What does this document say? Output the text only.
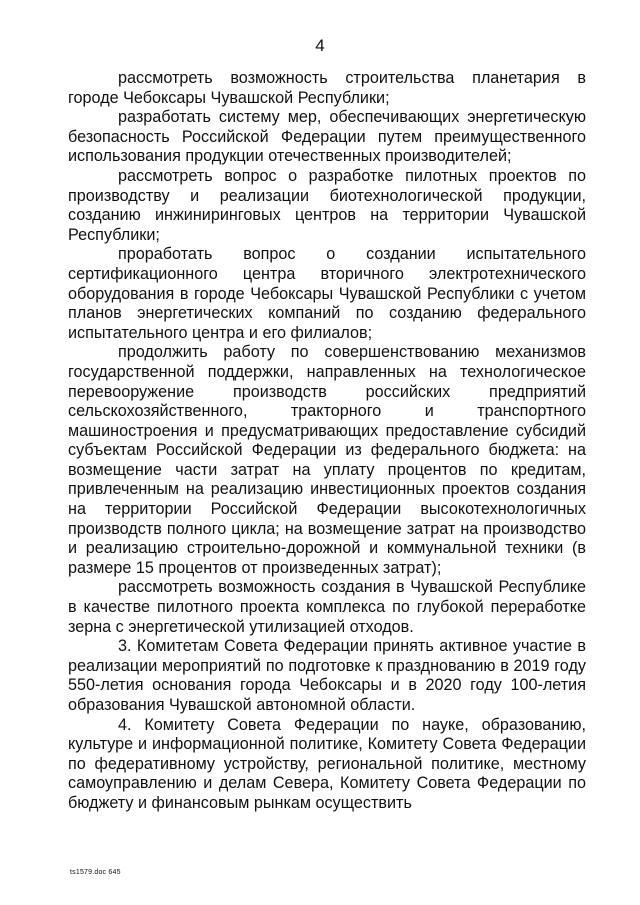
4

рассмотреть возможность строительства планетария в городе Чебоксары Чувашской Республики;

разработать систему мер, обеспечивающих энергетическую безопасность Российской Федерации путем преимущественного использования продукции отечественных производителей;

рассмотреть вопрос о разработке пилотных проектов по производству и реализации биотехнологической продукции, созданию инжиниринговых центров на территории Чувашской Республики;

проработать вопрос о создании испытательного сертификационного центра вторичного электротехнического оборудования в городе Чебоксары Чувашской Республики с учетом планов энергетических компаний по созданию федерального испытательного центра и его филиалов;

продолжить работу по совершенствованию механизмов государственной поддержки, направленных на технологическое перевооружение производств российских предприятий сельскохозяйственного, тракторного и транспортного машиностроения и предусматривающих предоставление субсидий субъектам Российской Федерации из федерального бюджета: на возмещение части затрат на уплату процентов по кредитам, привлеченным на реализацию инвестиционных проектов создания на территории Российской Федерации высокотехнологичных производств полного цикла; на возмещение затрат на производство и реализацию строительно-дорожной и коммунальной техники (в размере 15 процентов от произведенных затрат);

рассмотреть возможность создания в Чувашской Республике в качестве пилотного проекта комплекса по глубокой переработке зерна с энергетической утилизацией отходов.

3. Комитетам Совета Федерации принять активное участие в реализации мероприятий по подготовке к празднованию в 2019 году 550-летия основания города Чебоксары и в 2020 году 100-летия образования Чувашской автономной области.

4. Комитету Совета Федерации по науке, образованию, культуре и информационной политике, Комитету Совета Федерации по федеративному устройству, региональной политике, местному самоуправлению и делам Севера, Комитету Совета Федерации по бюджету и финансовым рынкам осуществить

ts1579.doc 645
